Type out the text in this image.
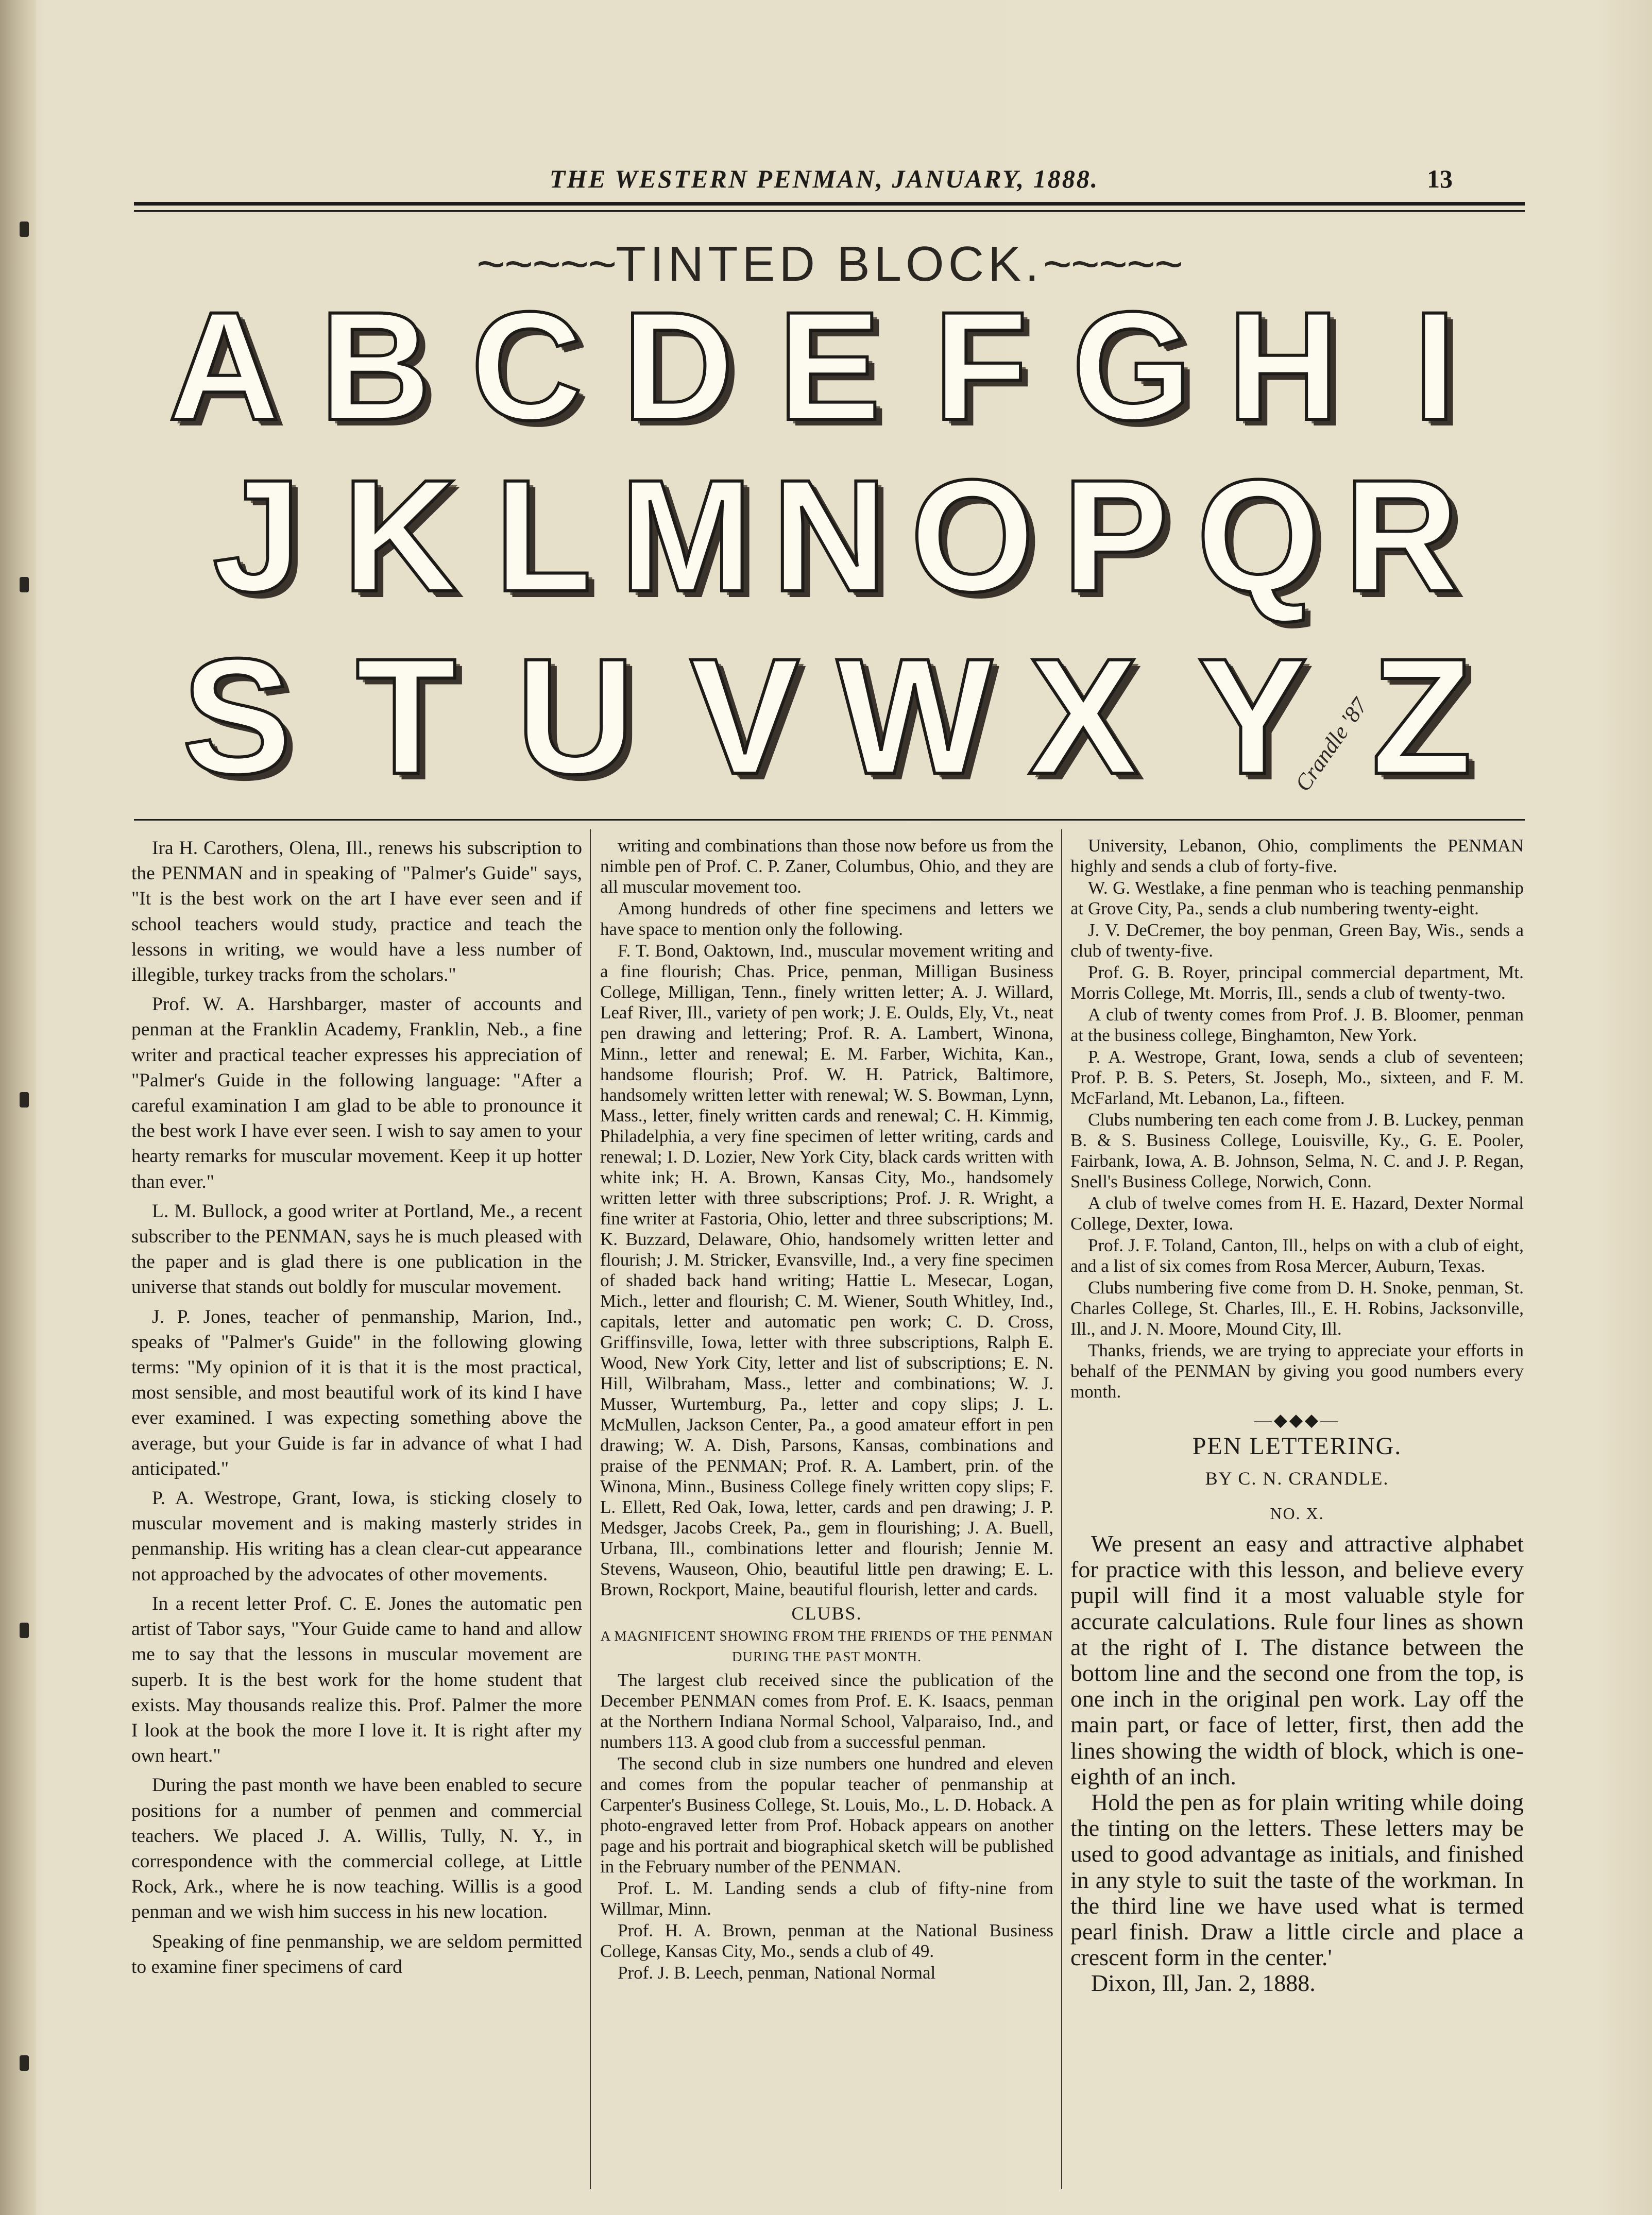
THE WESTERN PENMAN, JANUARY, 1888.	13
~~~~~TINTED BLOCK.~~~~~
A B C D E F G H I
J K L M N O P Q R
S T U V W X Y Z
Crandle '87

Ira H. Carothers, Olena, Ill., renews his subscription to the PENMAN and in speaking of "Palmer's Guide" says, "It is the best work on the art I have ever seen and if school teachers would study, practice and teach the lessons in writing, we would have a less number of illegible, turkey tracks from the scholars."

Prof. W. A. Harshbarger, master of accounts and penman at the Franklin Academy, Franklin, Neb., a fine writer and practical teacher expresses his appreciation of "Palmer's Guide in the following language: "After a careful examination I am glad to be able to pronounce it the best work I have ever seen. I wish to say amen to your hearty remarks for muscular movement. Keep it up hotter than ever."

L. M. Bullock, a good writer at Portland, Me., a recent subscriber to the PENMAN, says he is much pleased with the paper and is glad there is one publication in the universe that stands out boldly for muscular movement.

J. P. Jones, teacher of penmanship, Marion, Ind., speaks of "Palmer's Guide" in the following glowing terms: "My opinion of it is that it is the most practical, most sensible, and most beautiful work of its kind I have ever examined. I was expecting something above the average, but your Guide is far in advance of what I had anticipated."

P. A. Westrope, Grant, Iowa, is sticking closely to muscular movement and is making masterly strides in penmanship. His writing has a clean clear-cut appearance not approached by the advocates of other movements.

In a recent letter Prof. C. E. Jones the automatic pen artist of Tabor says, "Your Guide came to hand and allow me to say that the lessons in muscular movement are superb. It is the best work for the home student that exists. May thousands realize this. Prof. Palmer the more I look at the book the more I love it. It is right after my own heart."

During the past month we have been enabled to secure positions for a number of penmen and commercial teachers. We placed J. A. Willis, Tully, N. Y., in correspondence with the commercial college, at Little Rock, Ark., where he is now teaching. Willis is a good penman and we wish him success in his new location.

Speaking of fine penmanship, we are seldom permitted to examine finer specimens of card

writing and combinations than those now before us from the nimble pen of Prof. C. P. Zaner, Columbus, Ohio, and they are all muscular movement too.

Among hundreds of other fine specimens and letters we have space to mention only the following.

F. T. Bond, Oaktown, Ind., muscular movement writing and a fine flourish; Chas. Price, penman, Milligan Business College, Milligan, Tenn., finely written letter; A. J. Willard, Leaf River, Ill., variety of pen work; J. E. Oulds, Ely, Vt., neat pen drawing and lettering; Prof. R. A. Lambert, Winona, Minn., letter and renewal; E. M. Farber, Wichita, Kan., handsome flourish; Prof. W. H. Patrick, Baltimore, handsomely written letter with renewal; W. S. Bowman, Lynn, Mass., letter, finely written cards and renewal; C. H. Kimmig, Philadelphia, a very fine specimen of letter writing, cards and renewal; I. D. Lozier, New York City, black cards written with white ink; H. A. Brown, Kansas City, Mo., handsomely written letter with three subscriptions; Prof. J. R. Wright, a fine writer at Fastoria, Ohio, letter and three subscriptions; M. K. Buzzard, Delaware, Ohio, handsomely written letter and flourish; J. M. Stricker, Evansville, Ind., a very fine specimen of shaded back hand writing; Hattie L. Mesecar, Logan, Mich., letter and flourish; C. M. Wiener, South Whitley, Ind., capitals, letter and automatic pen work; C. D. Cross, Griffinsville, Iowa, letter with three subscriptions, Ralph E. Wood, New York City, letter and list of subscriptions; E. N. Hill, Wilbraham, Mass., letter and combinations; W. J. Musser, Wurtemburg, Pa., letter and copy slips; J. L. McMullen, Jackson Center, Pa., a good amateur effort in pen drawing; W. A. Dish, Parsons, Kansas, combinations and praise of the PENMAN; Prof. R. A. Lambert, prin. of the Winona, Minn., Business College finely written copy slips; F. L. Ellett, Red Oak, Iowa, letter, cards and pen drawing; J. P. Medsger, Jacobs Creek, Pa., gem in flourishing; J. A. Buell, Urbana, Ill., combinations letter and flourish; Jennie M. Stevens, Wauseon, Ohio, beautiful little pen drawing; E. L. Brown, Rockport, Maine, beautiful flourish, letter and cards.

CLUBS.
A MAGNIFICENT SHOWING FROM THE FRIENDS OF THE PENMAN DURING THE PAST MONTH.

The largest club received since the publication of the December PENMAN comes from Prof. E. K. Isaacs, penman at the Northern Indiana Normal School, Valparaiso, Ind., and numbers 113. A good club from a successful penman.

The second club in size numbers one hundred and eleven and comes from the popular teacher of penmanship at Carpenter's Business College, St. Louis, Mo., L. D. Hoback. A photo-engraved letter from Prof. Hoback appears on another page and his portrait and biographical sketch will be published in the February number of the PENMAN.

Prof. L. M. Landing sends a club of fifty-nine from Willmar, Minn.

Prof. H. A. Brown, penman at the National Business College, Kansas City, Mo., sends a club of 49.

Prof. J. B. Leech, penman, National Normal

University, Lebanon, Ohio, compliments the PENMAN highly and sends a club of forty-five.

W. G. Westlake, a fine penman who is teaching penmanship at Grove City, Pa., sends a club numbering twenty-eight.

J. V. DeCremer, the boy penman, Green Bay, Wis., sends a club of twenty-five.

Prof. G. B. Royer, principal commercial department, Mt. Morris College, Mt. Morris, Ill., sends a club of twenty-two.

A club of twenty comes from Prof. J. B. Bloomer, penman at the business college, Binghamton, New York.

P. A. Westrope, Grant, Iowa, sends a club of seventeen; Prof. P. B. S. Peters, St. Joseph, Mo., sixteen, and F. M. McFarland, Mt. Lebanon, La., fifteen.

Clubs numbering ten each come from J. B. Luckey, penman B. & S. Business College, Louisville, Ky., G. E. Pooler, Fairbank, Iowa, A. B. Johnson, Selma, N. C. and J. P. Regan, Snell's Business College, Norwich, Conn.

A club of twelve comes from H. E. Hazard, Dexter Normal College, Dexter, Iowa.

Prof. J. F. Toland, Canton, Ill., helps on with a club of eight, and a list of six comes from Rosa Mercer, Auburn, Texas.

Clubs numbering five come from D. H. Snoke, penman, St. Charles College, St. Charles, Ill., E. H. Robins, Jacksonville, Ill., and J. N. Moore, Mound City, Ill.

Thanks, friends, we are trying to appreciate your efforts in behalf of the PENMAN by giving you good numbers every month.

—◆◆◆—
PEN LETTERING.
BY C. N. CRANDLE.
NO. X.

We present an easy and attractive alphabet for practice with this lesson, and believe every pupil will find it a most valuable style for accurate calculations. Rule four lines as shown at the right of I. The distance between the bottom line and the second one from the top, is one inch in the original pen work. Lay off the main part, or face of letter, first, then add the lines showing the width of block, which is one-eighth of an inch.

Hold the pen as for plain writing while doing the tinting on the letters. These letters may be used to good advantage as initials, and finished in any style to suit the taste of the workman. In the third line we have used what is termed pearl finish. Draw a little circle and place a crescent form in the center.'

Dixon, Ill, Jan. 2, 1888.
